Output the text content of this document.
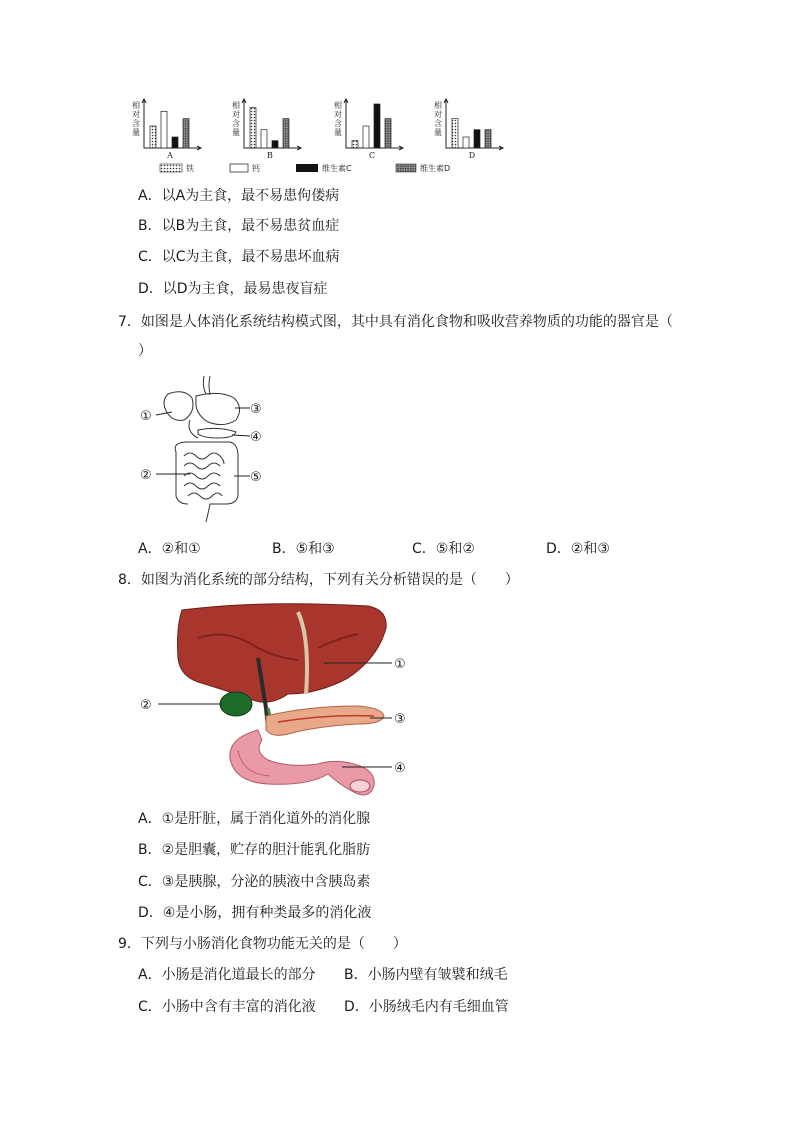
相对含量
A
相对含量
B
相对含量
C
相对含量
D
铁	钙	维生素C	维生素D
A．以A为主食，最不易患佝偻病
B．以B为主食，最不易患贫血症
C．以C为主食，最不易患坏血病
D．以D为主食，最易患夜盲症
7．如图是人体消化系统结构模式图，其中具有消化食物和吸收营养物质的功能的器官是（
）
①	③
④
②	⑤
A．②和①	B．⑤和③	C．⑤和②	D．②和③
8．如图为消化系统的部分结构，下列有关分析错误的是（　　）
①
②
③
④
A．①是肝脏，属于消化道外的消化腺
B．②是胆囊，贮存的胆汁能乳化脂肪
C．③是胰腺，分泌的胰液中含胰岛素
D．④是小肠，拥有种类最多的消化液
9．下列与小肠消化食物功能无关的是（　　）
A．小肠是消化道最长的部分 B．小肠内壁有皱襞和绒毛
C．小肠中含有丰富的消化液 D．小肠绒毛内有毛细血管
